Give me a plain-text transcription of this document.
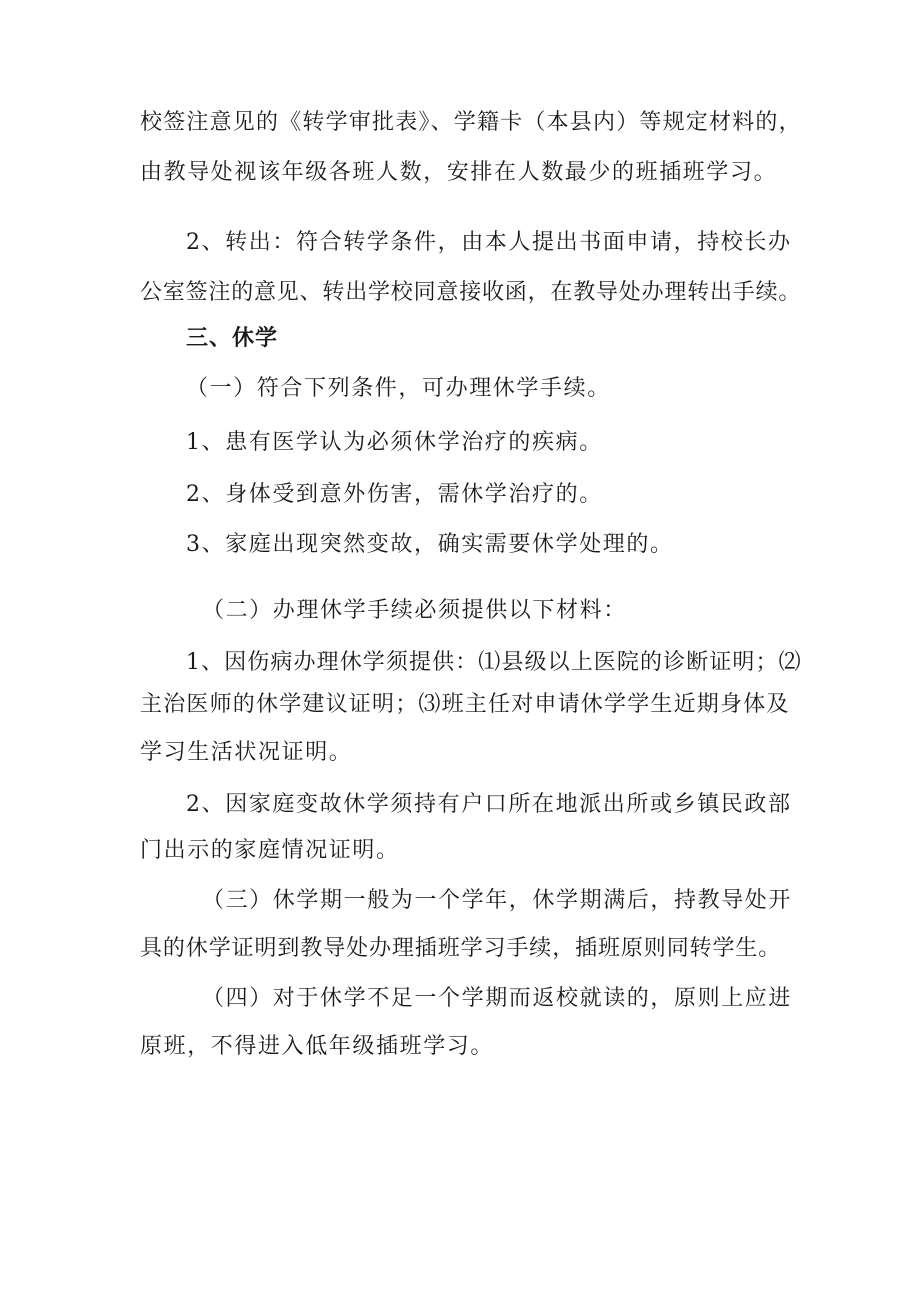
校签注意见的《转学审批表》、学籍卡（本县内）等规定材料的，
由教导处视该年级各班人数，安排在人数最少的班插班学习。
2、转出：符合转学条件，由本人提出书面申请，持校长办
公室签注的意见、转出学校同意接收函，在教导处办理转出手续。
三、休学
（一）符合下列条件，可办理休学手续。
1、患有医学认为必须休学治疗的疾病。
2、身体受到意外伤害，需休学治疗的。
3、家庭出现突然变故，确实需要休学处理的。
（二）办理休学手续必须提供以下材料：
1、因伤病办理休学须提供：⑴县级以上医院的诊断证明；⑵
主治医师的休学建议证明；⑶班主任对申请休学学生近期身体及
学习生活状况证明。
2、因家庭变故休学须持有户口所在地派出所或乡镇民政部
门出示的家庭情况证明。
（三）休学期一般为一个学年，休学期满后，持教导处开
具的休学证明到教导处办理插班学习手续，插班原则同转学生。
（四）对于休学不足一个学期而返校就读的，原则上应进
原班，不得进入低年级插班学习。
